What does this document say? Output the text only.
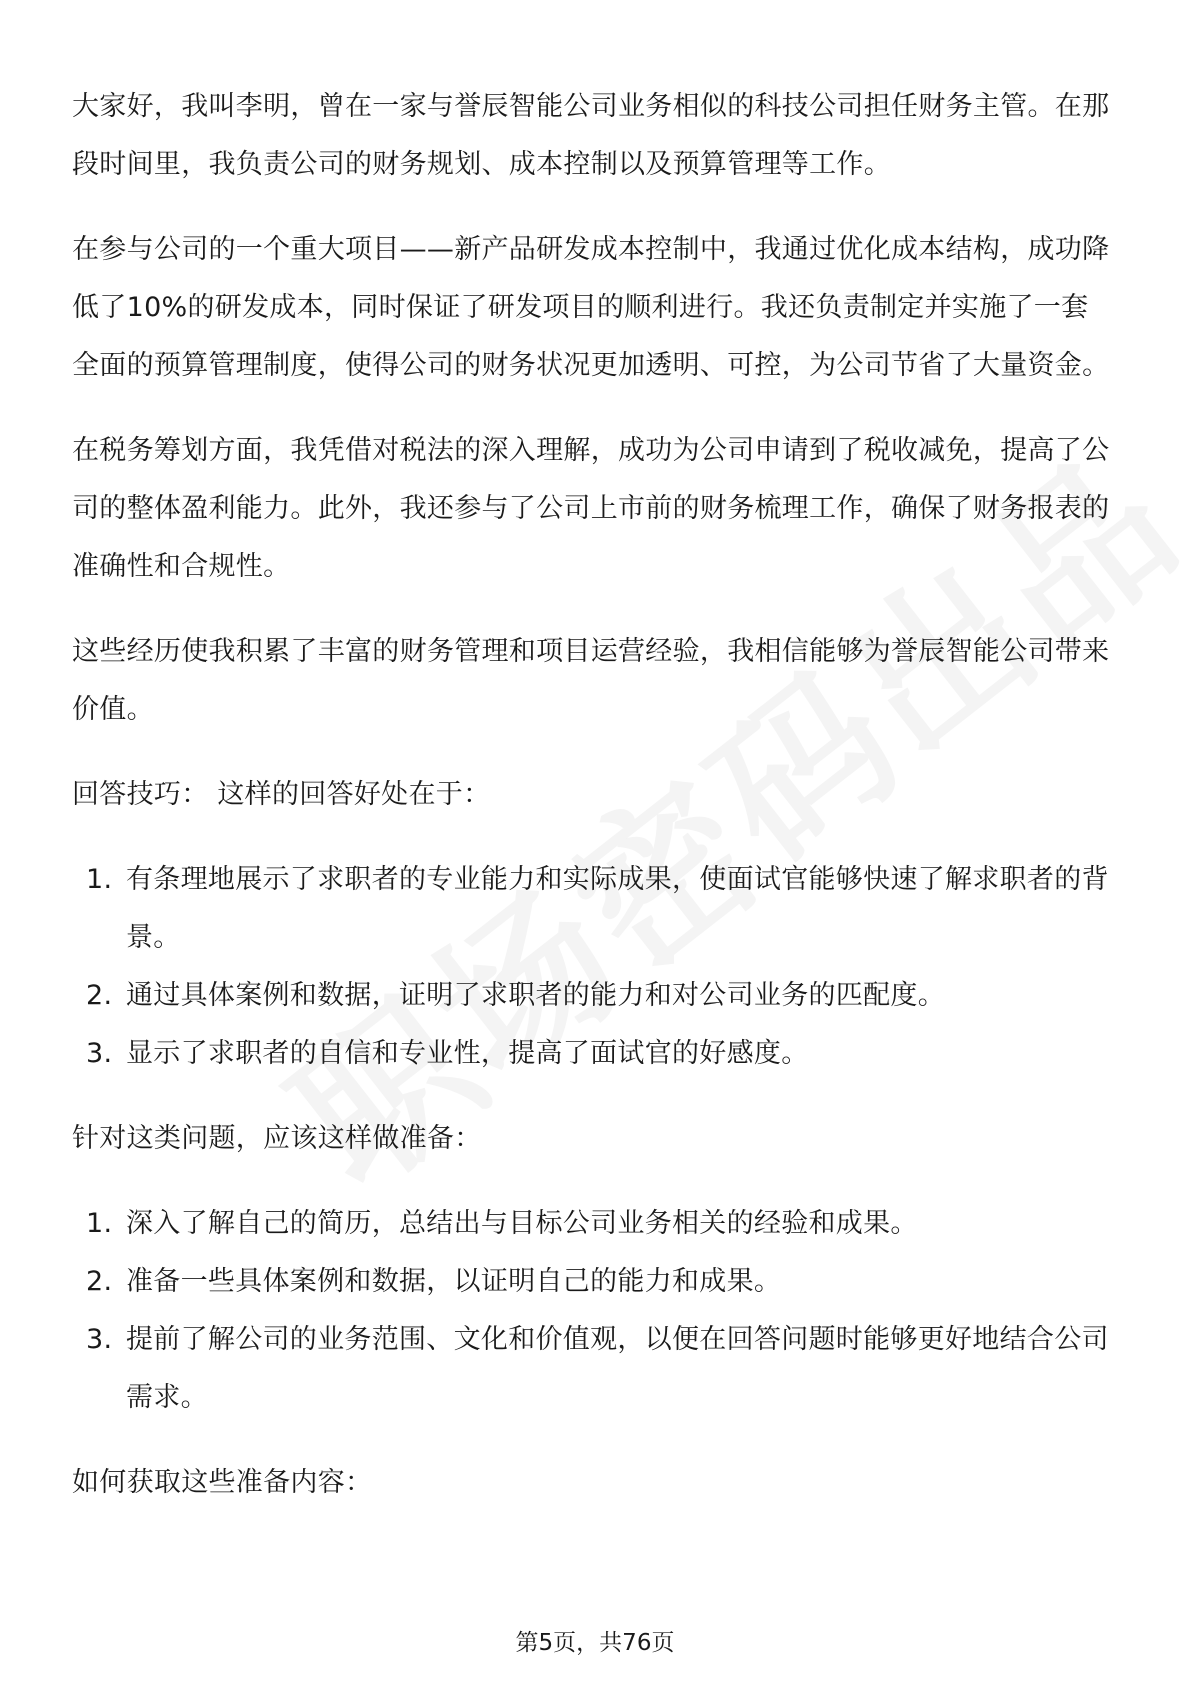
大家好，我叫李明，曾在一家与誉辰智能公司业务相似的科技公司担任财务主管。在那段时间里，我负责公司的财务规划、成本控制以及预算管理等工作。

在参与公司的一个重大项目——新产品研发成本控制中，我通过优化成本结构，成功降低了10%的研发成本，同时保证了研发项目的顺利进行。我还负责制定并实施了一套全面的预算管理制度，使得公司的财务状况更加透明、可控，为公司节省了大量资金。

在税务筹划方面，我凭借对税法的深入理解，成功为公司申请到了税收减免，提高了公司的整体盈利能力。此外，我还参与了公司上市前的财务梳理工作，确保了财务报表的准确性和合规性。

这些经历使我积累了丰富的财务管理和项目运营经验，我相信能够为誉辰智能公司带来价值。

回答技巧： 这样的回答好处在于：

1. 有条理地展示了求职者的专业能力和实际成果，使面试官能够快速了解求职者的背景。
2. 通过具体案例和数据，证明了求职者的能力和对公司业务的匹配度。
3. 显示了求职者的自信和专业性，提高了面试官的好感度。

针对这类问题，应该这样做准备：

1. 深入了解自己的简历，总结出与目标公司业务相关的经验和成果。
2. 准备一些具体案例和数据，以证明自己的能力和成果。
3. 提前了解公司的业务范围、文化和价值观，以便在回答问题时能够更好地结合公司需求。

如何获取这些准备内容：

第5页，共76页
